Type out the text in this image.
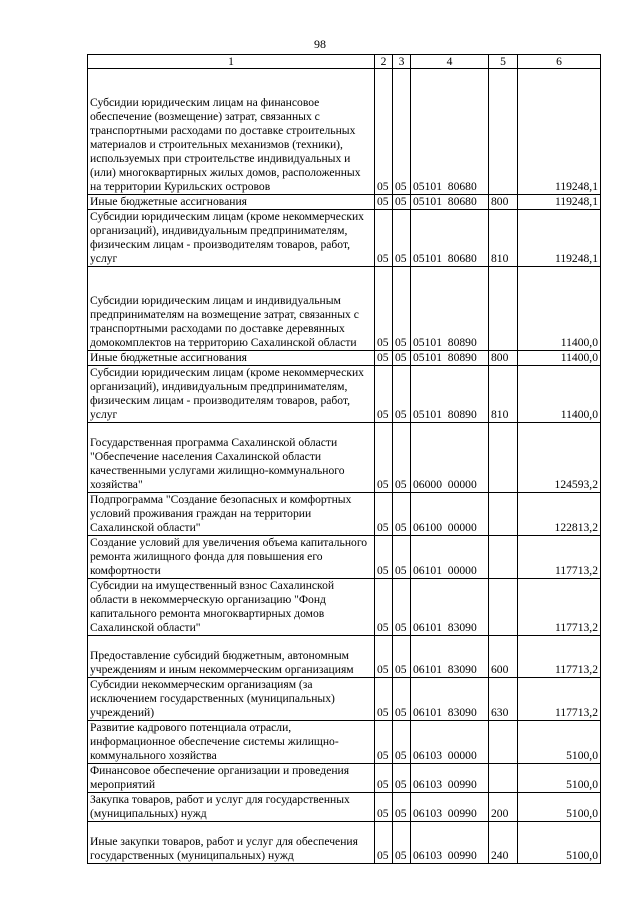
98
1	2	3	4	5	6
Субсидии юридическим лицам на финансовое обеспечение (возмещение) затрат, связанных с транспортными расходами по доставке строительных материалов и строительных механизмов (техники), используемых при строительстве индивидуальных и (или) многоквартирных жилых домов, расположенных на территории Курильских островов	05	05	05101  80680		119248,1
Иные бюджетные ассигнования	05	05	05101  80680	800	119248,1
Субсидии юридическим лицам (кроме некоммерческих организаций), индивидуальным предпринимателям, физическим лицам - производителям товаров, работ, услуг	05	05	05101  80680	810	119248,1
Субсидии юридическим лицам и индивидуальным предпринимателям на возмещение затрат, связанных с транспортными расходами по доставке деревянных домокомплектов на территорию Сахалинской области	05	05	05101  80890		11400,0
Иные бюджетные ассигнования	05	05	05101  80890	800	11400,0
Субсидии юридическим лицам (кроме некоммерческих организаций), индивидуальным предпринимателям, физическим лицам - производителям товаров, работ, услуг	05	05	05101  80890	810	11400,0
Государственная программа Сахалинской области "Обеспечение населения Сахалинской области качественными услугами жилищно-коммунального хозяйства"	05	05	06000  00000		124593,2
Подпрограмма "Создание безопасных и комфортных условий проживания граждан на территории Сахалинской области"	05	05	06100  00000		122813,2
Создание условий для увеличения объема капитального ремонта жилищного фонда для повышения его комфортности	05	05	06101  00000		117713,2
Субсидии на имущественный взнос Сахалинской области в некоммерческую организацию "Фонд капитального ремонта многоквартирных домов Сахалинской области"	05	05	06101  83090		117713,2
Предоставление субсидий бюджетным, автономным учреждениям и иным некоммерческим организациям	05	05	06101  83090	600	117713,2
Субсидии некоммерческим организациям (за исключением государственных (муниципальных) учреждений)	05	05	06101  83090	630	117713,2
Развитие кадрового потенциала отрасли, информационное обеспечение системы жилищно-коммунального хозяйства	05	05	06103  00000		5100,0
Финансовое обеспечение организации и проведения мероприятий	05	05	06103  00990		5100,0
Закупка товаров, работ и услуг для государственных (муниципальных) нужд	05	05	06103  00990	200	5100,0
Иные закупки товаров, работ и услуг для обеспечения государственных (муниципальных) нужд	05	05	06103  00990	240	5100,0
